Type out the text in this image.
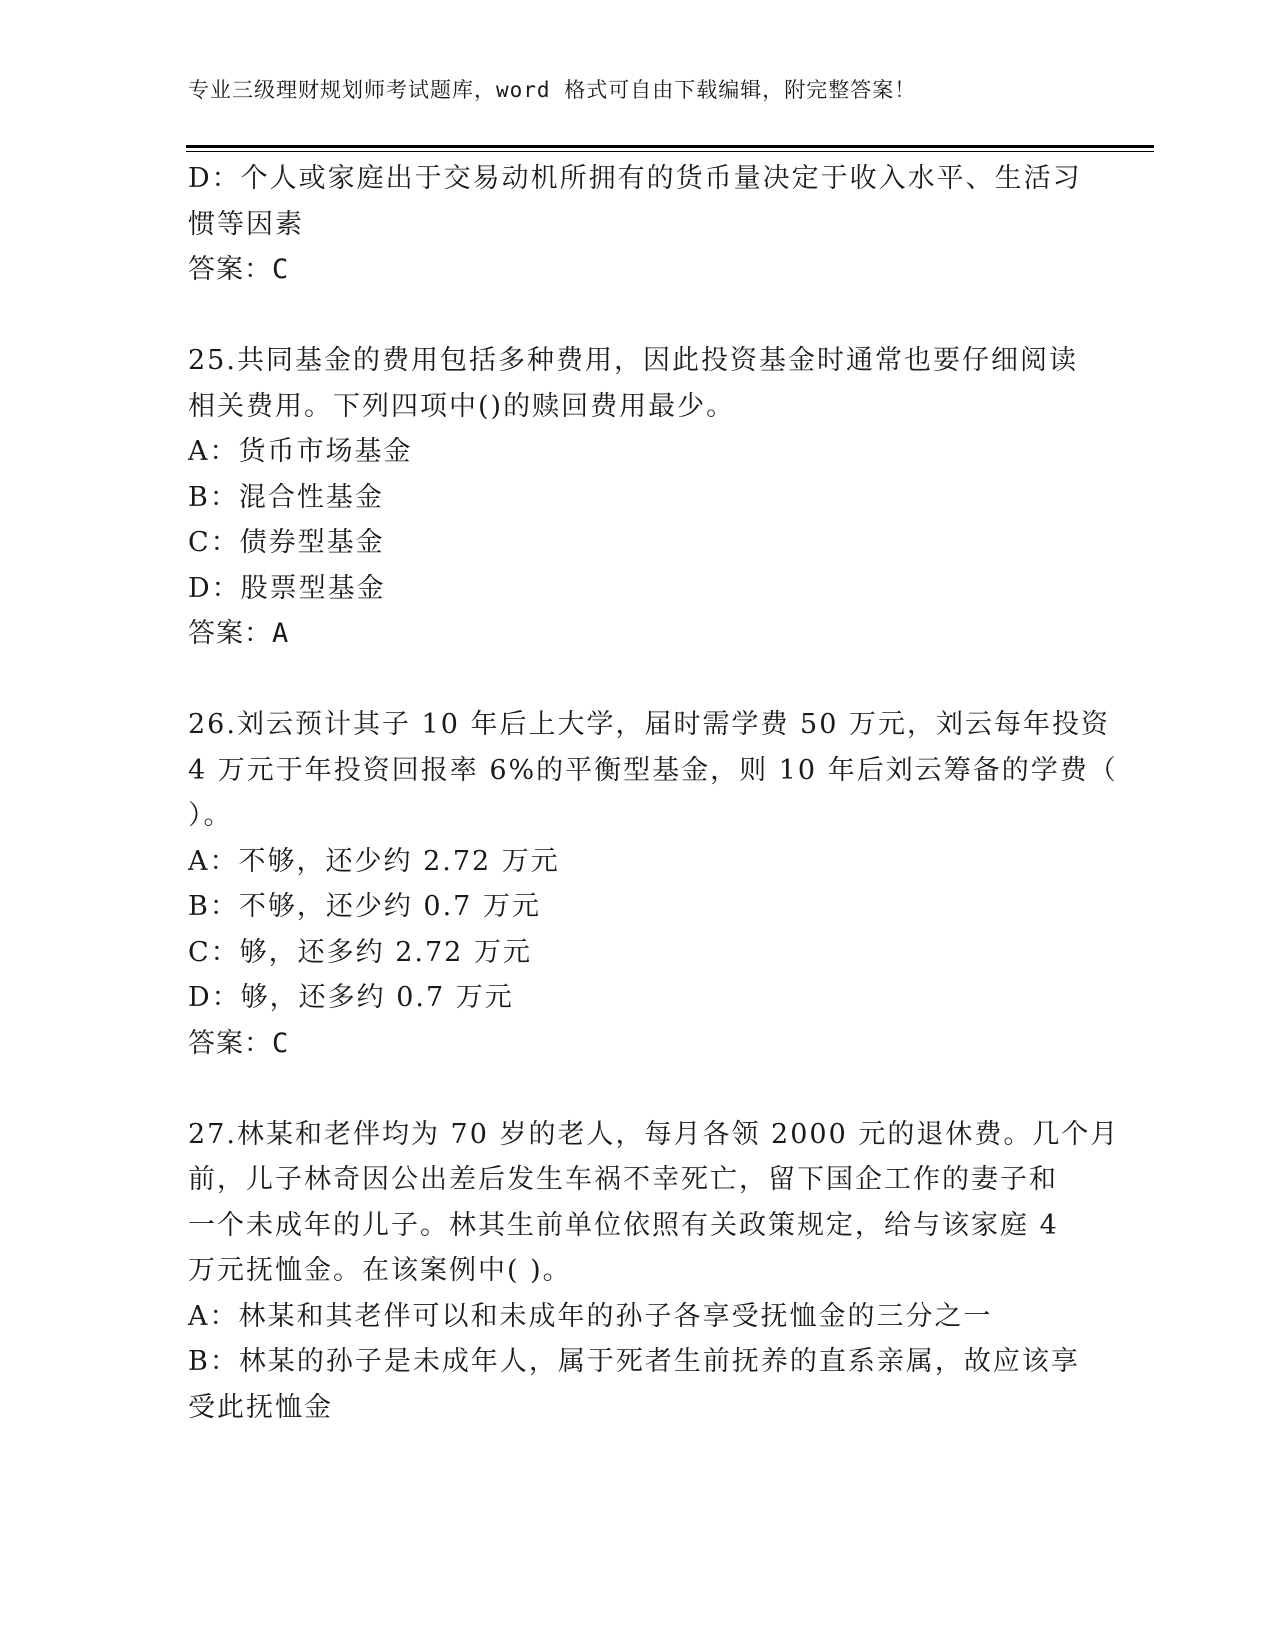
专业三级理财规划师考试题库，word 格式可自由下载编辑，附完整答案！
D：个人或家庭出于交易动机所拥有的货币量决定于收入水平、生活习
惯等因素
答案：C
25.共同基金的费用包括多种费用，因此投资基金时通常也要仔细阅读
相关费用。下列四项中()的赎回费用最少。
A：货币市场基金
B：混合性基金
C：债券型基金
D：股票型基金
答案：A
26.刘云预计其子 10 年后上大学，届时需学费 50 万元，刘云每年投资
4 万元于年投资回报率 6%的平衡型基金，则 10 年后刘云筹备的学费（
）。
A：不够，还少约 2.72 万元
B：不够，还少约 0.7 万元
C：够，还多约 2.72 万元
D：够，还多约 0.7 万元
答案：C
27.林某和老伴均为 70 岁的老人，每月各领 2000 元的退休费。几个月
前，儿子林奇因公出差后发生车祸不幸死亡，留下国企工作的妻子和
一个未成年的儿子。林其生前单位依照有关政策规定，给与该家庭 4
万元抚恤金。在该案例中( )。
A：林某和其老伴可以和未成年的孙子各享受抚恤金的三分之一
B：林某的孙子是未成年人，属于死者生前抚养的直系亲属，故应该享
受此抚恤金
